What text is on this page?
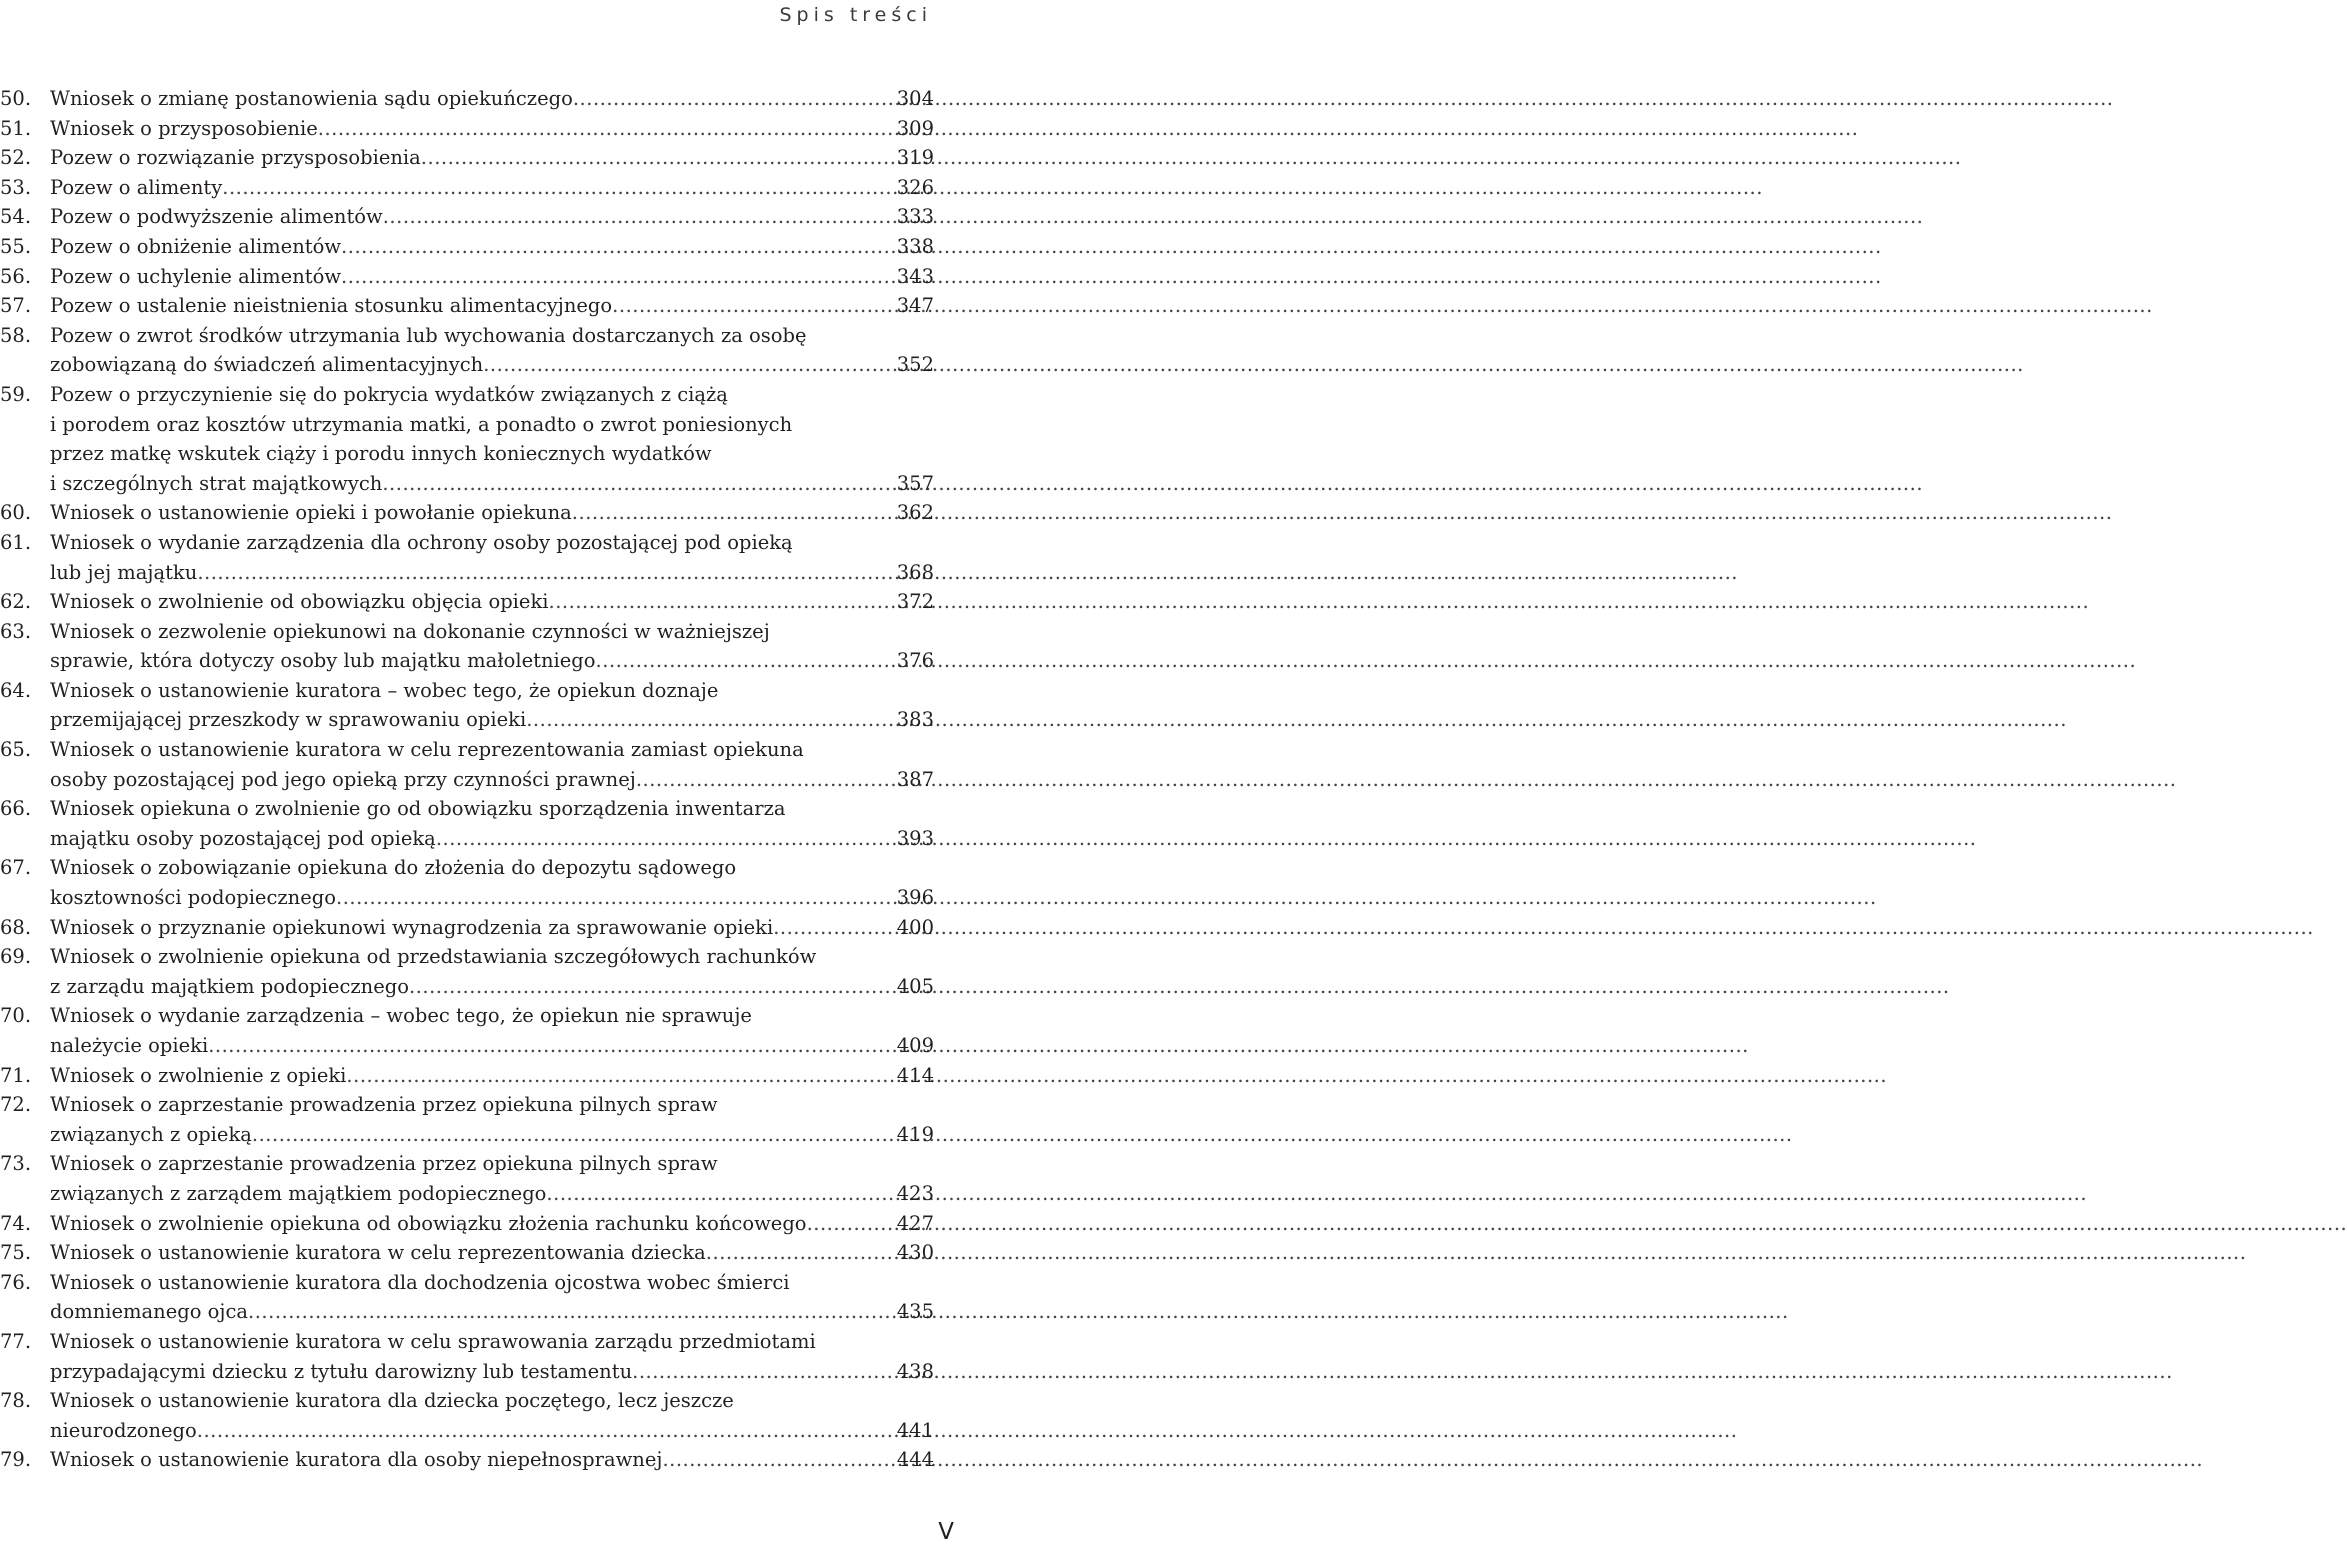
Spis treści
50. Wniosek o zmianę postanowienia sądu opiekuńczego .....	304
51. Wniosek o przysposobienie .....	309
52. Pozew o rozwiązanie przysposobienia .....	319
53. Pozew o alimenty .....	326
54. Pozew o podwyższenie alimentów .....	333
55. Pozew o obniżenie alimentów .....	338
56. Pozew o uchylenie alimentów .....	343
57. Pozew o ustalenie nieistnienia stosunku alimentacyjnego .....	347
58. Pozew o zwrot środków utrzymania lub wychowania dostarczanych za osobę
zobowiązaną do świadczeń alimentacyjnych .....	352
59. Pozew o przyczynienie się do pokrycia wydatków związanych z ciążą
i porodem oraz kosztów utrzymania matki, a ponadto o zwrot poniesionych
przez matkę wskutek ciąży i porodu innych koniecznych wydatków
i szczególnych strat majątkowych .....	357
60. Wniosek o ustanowienie opieki i powołanie opiekuna .....	362
61. Wniosek o wydanie zarządzenia dla ochrony osoby pozostającej pod opieką
lub jej majątku .....	368
62. Wniosek o zwolnienie od obowiązku objęcia opieki .....	372
63. Wniosek o zezwolenie opiekunowi na dokonanie czynności w ważniejszej
sprawie, która dotyczy osoby lub majątku małoletniego .....	376
64. Wniosek o ustanowienie kuratora – wobec tego, że opiekun doznaje
przemijającej przeszkody w sprawowaniu opieki .....	383
65. Wniosek o ustanowienie kuratora w celu reprezentowania zamiast opiekuna
osoby pozostającej pod jego opieką przy czynności prawnej .....	387
66. Wniosek opiekuna o zwolnienie go od obowiązku sporządzenia inwentarza
majątku osoby pozostającej pod opieką .....	393
67. Wniosek o zobowiązanie opiekuna do złożenia do depozytu sądowego
kosztowności podopiecznego .....	396
68. Wniosek o przyznanie opiekunowi wynagrodzenia za sprawowanie opieki .....	400
69. Wniosek o zwolnienie opiekuna od przedstawiania szczegółowych rachunków
z zarządu majątkiem podopiecznego .....	405
70. Wniosek o wydanie zarządzenia – wobec tego, że opiekun nie sprawuje
należycie opieki .....	409
71. Wniosek o zwolnienie z opieki .....	414
72. Wniosek o zaprzestanie prowadzenia przez opiekuna pilnych spraw
związanych z opieką .....	419
73. Wniosek o zaprzestanie prowadzenia przez opiekuna pilnych spraw
związanych z zarządem majątkiem podopiecznego .....	423
74. Wniosek o zwolnienie opiekuna od obowiązku złożenia rachunku końcowego .....	427
75. Wniosek o ustanowienie kuratora w celu reprezentowania dziecka .....	430
76. Wniosek o ustanowienie kuratora dla dochodzenia ojcostwa wobec śmierci
domniemanego ojca .....	435
77. Wniosek o ustanowienie kuratora w celu sprawowania zarządu przedmiotami
przypadającymi dziecku z tytułu darowizny lub testamentu .....	438
78. Wniosek o ustanowienie kuratora dla dziecka poczętego, lecz jeszcze
nieurodzonego .....	441
79. Wniosek o ustanowienie kuratora dla osoby niepełnosprawnej .....	444
V
